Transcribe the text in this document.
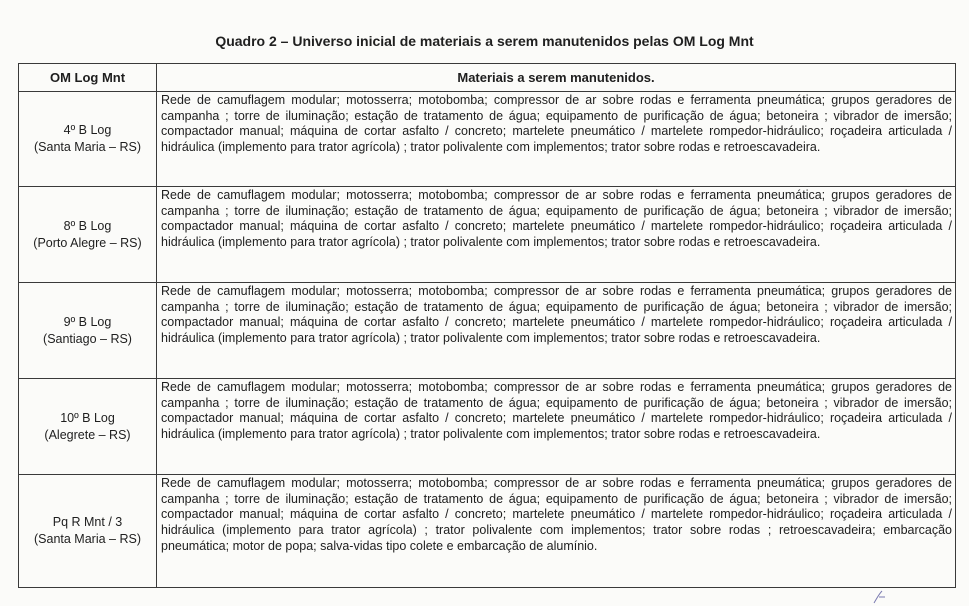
Quadro 2 – Universo inicial de materiais a serem manutenidos pelas OM Log Mnt
OM Log Mnt	Materiais a serem manutenidos.

4º B Log
(Santa Maria – RS)	Rede de camuflagem modular; motosserra; motobomba; compressor de ar sobre rodas e ferramenta pneumática; grupos geradores de campanha ; torre de iluminação; estação de tratamento de água; equipamento de purificação de água; betoneira ; vibrador de imersão; compactador manual; máquina de cortar asfalto / concreto; martelete pneumático / martelete rompedor-hidráulico; roçadeira articulada / hidráulica (implemento para trator agrícola) ; trator polivalente com implementos; trator sobre rodas e retroescavadeira.

8º B Log
(Porto Alegre – RS)	Rede de camuflagem modular; motosserra; motobomba; compressor de ar sobre rodas e ferramenta pneumática; grupos geradores de campanha ; torre de iluminação; estação de tratamento de água; equipamento de purificação de água; betoneira ; vibrador de imersão; compactador manual; máquina de cortar asfalto / concreto; martelete pneumático / martelete rompedor-hidráulico; roçadeira articulada / hidráulica (implemento para trator agrícola) ; trator polivalente com implementos; trator sobre rodas e retroescavadeira.

9º B Log
(Santiago – RS)	Rede de camuflagem modular; motosserra; motobomba; compressor de ar sobre rodas e ferramenta pneumática; grupos geradores de campanha ; torre de iluminação; estação de tratamento de água; equipamento de purificação de água; betoneira ; vibrador de imersão; compactador manual; máquina de cortar asfalto / concreto; martelete pneumático / martelete rompedor-hidráulico; roçadeira articulada / hidráulica (implemento para trator agrícola) ; trator polivalente com implementos; trator sobre rodas e retroescavadeira.

10º B Log
(Alegrete – RS)	Rede de camuflagem modular; motosserra; motobomba; compressor de ar sobre rodas e ferramenta pneumática; grupos geradores de campanha ; torre de iluminação; estação de tratamento de água; equipamento de purificação de água; betoneira ; vibrador de imersão; compactador manual; máquina de cortar asfalto / concreto; martelete pneumático / martelete rompedor-hidráulico; roçadeira articulada / hidráulica (implemento para trator agrícola) ; trator polivalente com implementos; trator sobre rodas e retroescavadeira.

Pq R Mnt / 3
(Santa Maria – RS)	Rede de camuflagem modular; motosserra; motobomba; compressor de ar sobre rodas e ferramenta pneumática; grupos geradores de campanha ; torre de iluminação; estação de tratamento de água; equipamento de purificação de água; betoneira ; vibrador de imersão; compactador manual; máquina de cortar asfalto / concreto; martelete pneumático / martelete rompedor-hidráulico; roçadeira articulada / hidráulica (implemento para trator agrícola) ; trator polivalente com implementos; trator sobre rodas ; retroescavadeira; embarcação pneumática; motor de popa; salva-vidas tipo colete e embarcação de alumínio.
